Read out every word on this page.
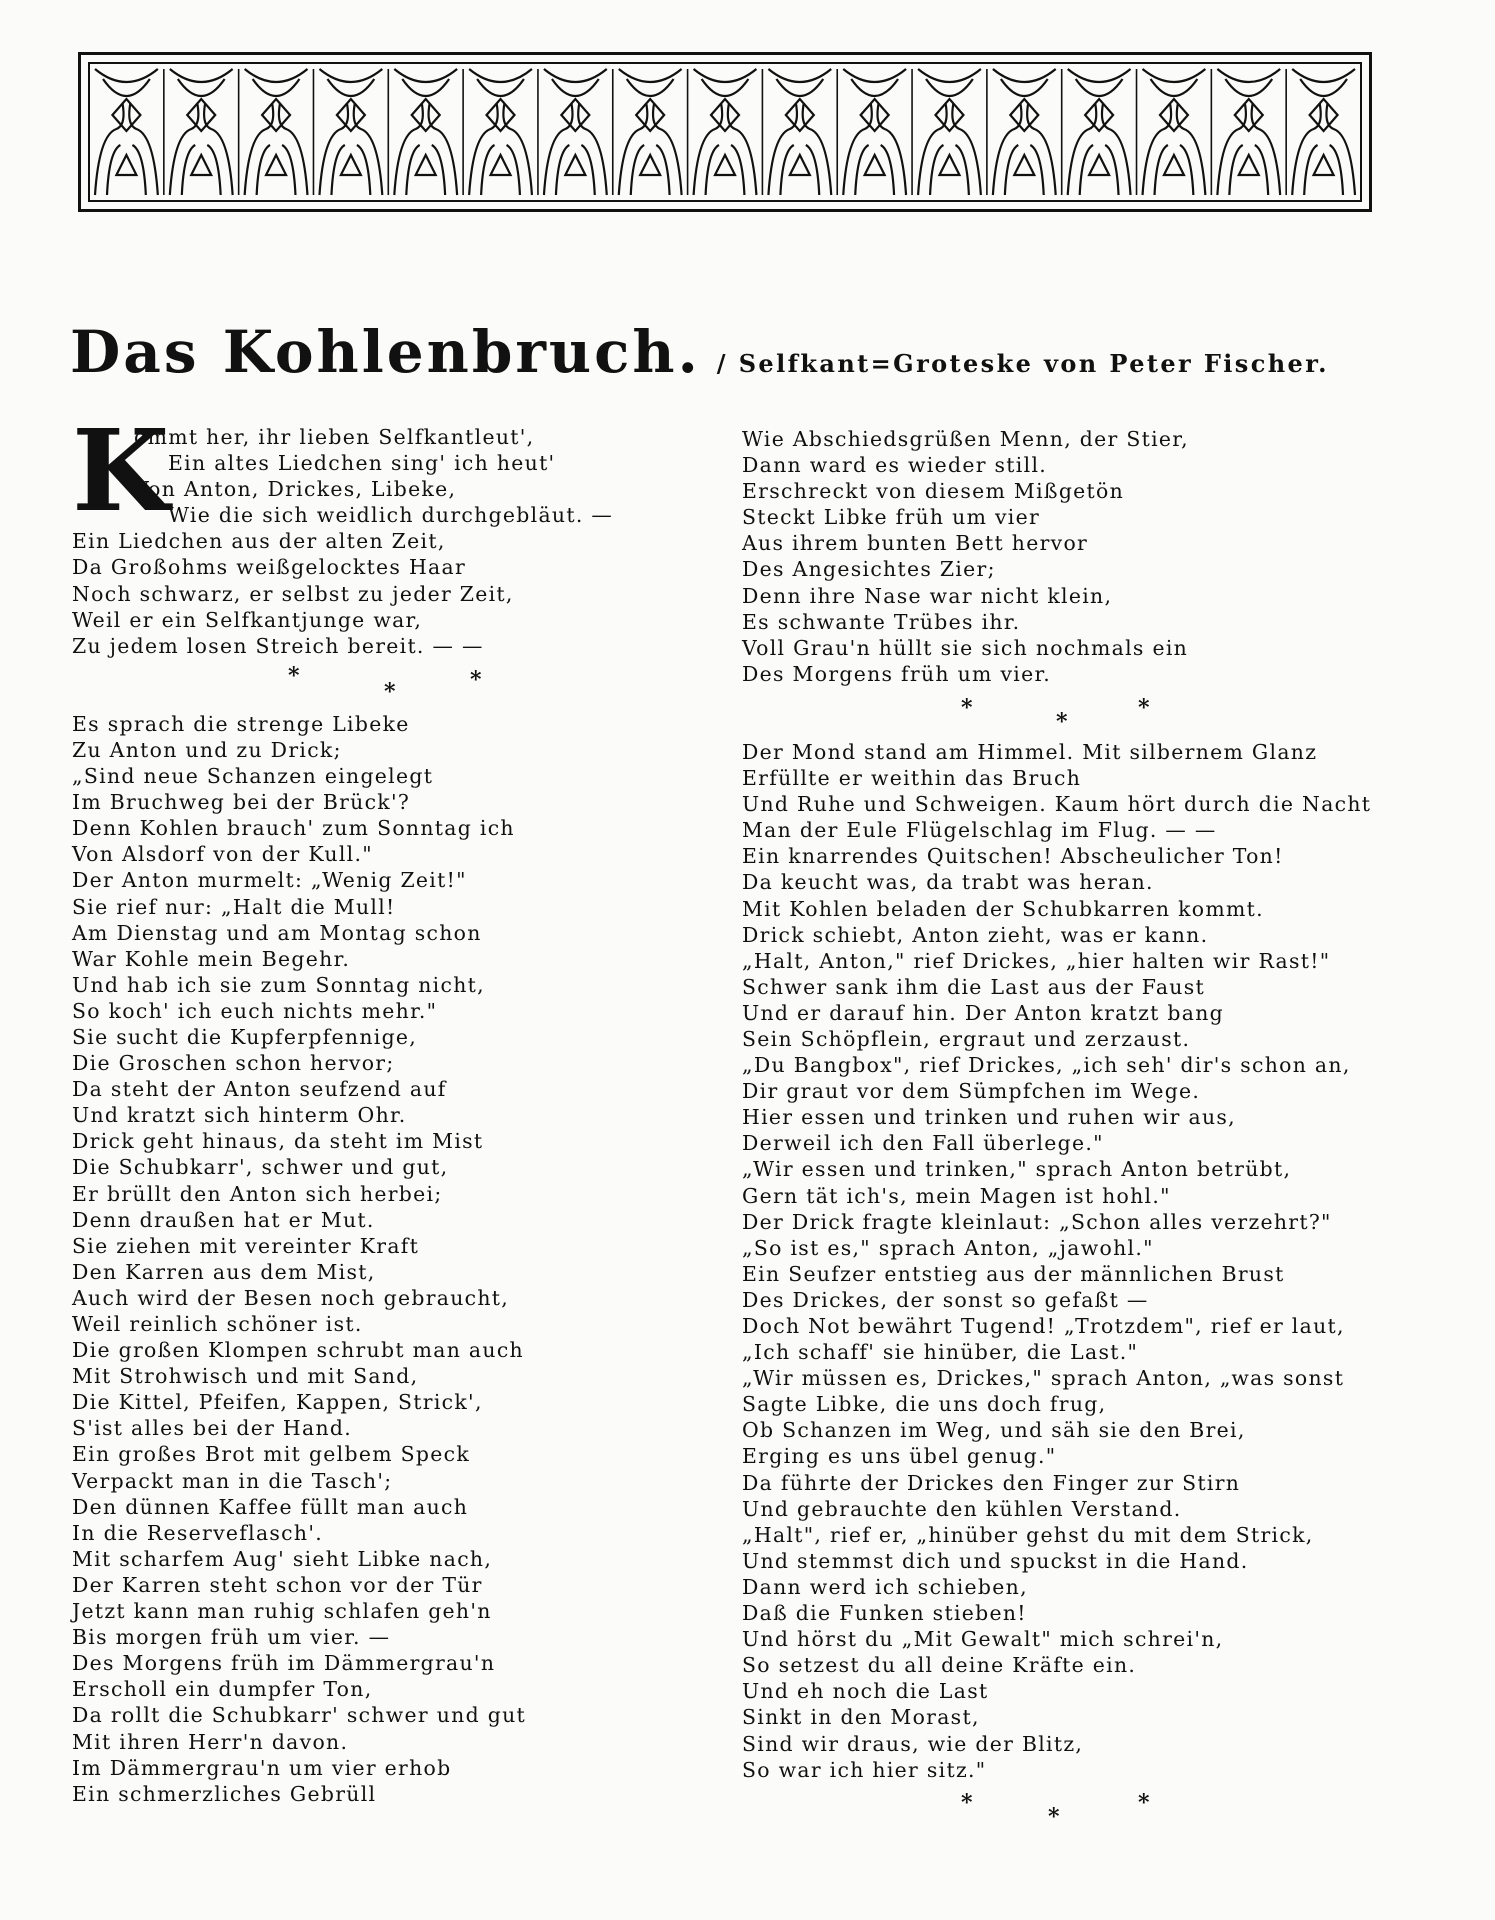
Das Kohlenbruch. / Selfkant=Groteske von Peter Fischer.
K
ommt her, ihr lieben Selfkantleut',
Ein altes Liedchen sing' ich heut'
Von Anton, Drickes, Libeke,
Wie die sich weidlich durchgebläut. —
Ein Liedchen aus der alten Zeit,
Da Großohms weißgelocktes Haar
Noch schwarz, er selbst zu jeder Zeit,
Weil er ein Selfkantjunge war,
Zu jedem losen Streich bereit. — —
*
*	*
Es sprach die strenge Libeke
Zu Anton und zu Drick;
„Sind neue Schanzen eingelegt
Im Bruchweg bei der Brück'?
Denn Kohlen brauch' zum Sonntag ich
Von Alsdorf von der Kull."
Der Anton murmelt: „Wenig Zeit!"
Sie rief nur: „Halt die Mull!
Am Dienstag und am Montag schon
War Kohle mein Begehr.
Und hab ich sie zum Sonntag nicht,
So koch' ich euch nichts mehr."
Sie sucht die Kupferpfennige,
Die Groschen schon hervor;
Da steht der Anton seufzend auf
Und kratzt sich hinterm Ohr.
Drick geht hinaus, da steht im Mist
Die Schubkarr', schwer und gut,
Er brüllt den Anton sich herbei;
Denn draußen hat er Mut.
Sie ziehen mit vereinter Kraft
Den Karren aus dem Mist,
Auch wird der Besen noch gebraucht,
Weil reinlich schöner ist.
Die großen Klompen schrubt man auch
Mit Strohwisch und mit Sand,
Die Kittel, Pfeifen, Kappen, Strick',
S'ist alles bei der Hand.
Ein großes Brot mit gelbem Speck
Verpackt man in die Tasch';
Den dünnen Kaffee füllt man auch
In die Reserveflasch'.
Mit scharfem Aug' sieht Libke nach,
Der Karren steht schon vor der Tür
Jetzt kann man ruhig schlafen geh'n
Bis morgen früh um vier. —
Des Morgens früh im Dämmergrau'n
Erscholl ein dumpfer Ton,
Da rollt die Schubkarr' schwer und gut
Mit ihren Herr'n davon.
Im Dämmergrau'n um vier erhob
Ein schmerzliches Gebrüll
Wie Abschiedsgrüßen Menn, der Stier,
Dann ward es wieder still.
Erschreckt von diesem Mißgetön
Steckt Libke früh um vier
Aus ihrem bunten Bett hervor
Des Angesichtes Zier;
Denn ihre Nase war nicht klein,
Es schwante Trübes ihr.
Voll Grau'n hüllt sie sich nochmals ein
Des Morgens früh um vier.
*
*
*
Der Mond stand am Himmel. Mit silbernem Glanz
Erfüllte er weithin das Bruch
Und Ruhe und Schweigen. Kaum hört durch die Nacht
Man der Eule Flügelschlag im Flug. — —
Ein knarrendes Quitschen! Abscheulicher Ton!
Da keucht was, da trabt was heran.
Mit Kohlen beladen der Schubkarren kommt.
Drick schiebt, Anton zieht, was er kann.
„Halt, Anton," rief Drickes, „hier halten wir Rast!"
Schwer sank ihm die Last aus der Faust
Und er darauf hin. Der Anton kratzt bang
Sein Schöpflein, ergraut und zerzaust.
„Du Bangbox", rief Drickes, „ich seh' dir's schon an,
Dir graut vor dem Sümpfchen im Wege.
Hier essen und trinken und ruhen wir aus,
Derweil ich den Fall überlege."
„Wir essen und trinken," sprach Anton betrübt,
Gern tät ich's, mein Magen ist hohl."
Der Drick fragte kleinlaut: „Schon alles verzehrt?"
„So ist es," sprach Anton, „jawohl."
Ein Seufzer entstieg aus der männlichen Brust
Des Drickes, der sonst so gefaßt —
Doch Not bewährt Tugend! „Trotzdem", rief er laut,
„Ich schaff' sie hinüber, die Last."
„Wir müssen es, Drickes," sprach Anton, „was sonst
Sagte Libke, die uns doch frug,
Ob Schanzen im Weg, und säh sie den Brei,
Erging es uns übel genug."
Da führte der Drickes den Finger zur Stirn
Und gebrauchte den kühlen Verstand.
„Halt", rief er, „hinüber gehst du mit dem Strick,
Und stemmst dich und spuckst in die Hand.
Dann werd ich schieben,
Daß die Funken stieben!
Und hörst du „Mit Gewalt" mich schrei'n,
So setzest du all deine Kräfte ein.
Und eh noch die Last
Sinkt in den Morast,
Sind wir draus, wie der Blitz,
So war ich hier sitz."
*
*
*
